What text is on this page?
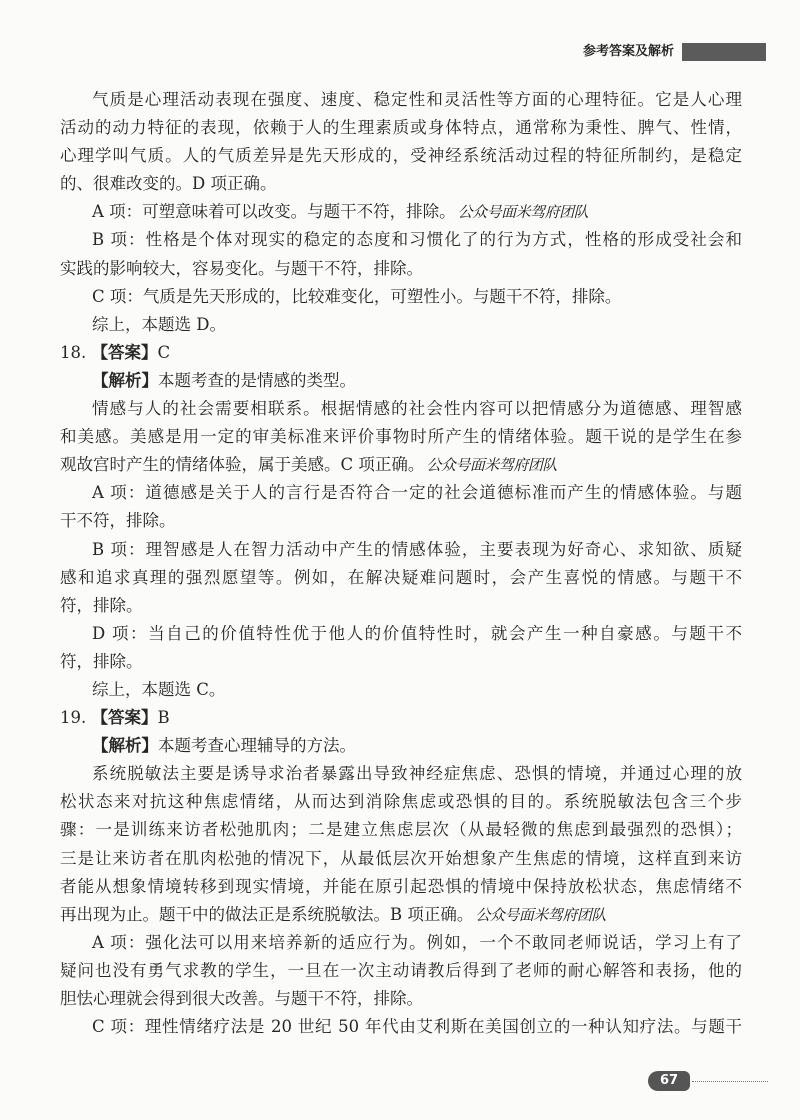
参考答案及解析
气质是心理活动表现在强度、速度、稳定性和灵活性等方面的心理特征。它是人心理
活动的动力特征的表现，依赖于人的生理素质或身体特点，通常称为秉性、脾气、性情，
心理学叫气质。人的气质差异是先天形成的，受神经系统活动过程的特征所制约，是稳定
的、很难改变的。D 项正确。
A 项：可塑意味着可以改变。与题干不符，排除。 公众号面米驾府团队
B 项：性格是个体对现实的稳定的态度和习惯化了的行为方式，性格的形成受社会和
实践的影响较大，容易变化。与题干不符，排除。
C 项：气质是先天形成的，比较难变化，可塑性小。与题干不符，排除。
综上，本题选 D。
18. 【答案】C
【解析】本题考查的是情感的类型。
情感与人的社会需要相联系。根据情感的社会性内容可以把情感分为道德感、理智感
和美感。美感是用一定的审美标准来评价事物时所产生的情绪体验。题干说的是学生在参
观故宫时产生的情绪体验，属于美感。C 项正确。 公众号面米驾府团队
A 项：道德感是关于人的言行是否符合一定的社会道德标准而产生的情感体验。与题
干不符，排除。
B 项：理智感是人在智力活动中产生的情感体验，主要表现为好奇心、求知欲、质疑
感和追求真理的强烈愿望等。例如，在解决疑难问题时，会产生喜悦的情感。与题干不
符，排除。
D 项：当自己的价值特性优于他人的价值特性时，就会产生一种自豪感。与题干不
符，排除。
综上，本题选 C。
19. 【答案】B
【解析】本题考查心理辅导的方法。
系统脱敏法主要是诱导求治者暴露出导致神经症焦虑、恐惧的情境，并通过心理的放
松状态来对抗这种焦虑情绪，从而达到消除焦虑或恐惧的目的。系统脱敏法包含三个步
骤：一是训练来访者松弛肌肉；二是建立焦虑层次（从最轻微的焦虑到最强烈的恐惧）；
三是让来访者在肌肉松弛的情况下，从最低层次开始想象产生焦虑的情境，这样直到来访
者能从想象情境转移到现实情境，并能在原引起恐惧的情境中保持放松状态，焦虑情绪不
再出现为止。题干中的做法正是系统脱敏法。B 项正确。 公众号面米驾府团队
A 项：强化法可以用来培养新的适应行为。例如，一个不敢同老师说话，学习上有了
疑问也没有勇气求教的学生，一旦在一次主动请教后得到了老师的耐心解答和表扬，他的
胆怯心理就会得到很大改善。与题干不符，排除。
C 项：理性情绪疗法是 20 世纪 50 年代由艾利斯在美国创立的一种认知疗法。与题干
67
